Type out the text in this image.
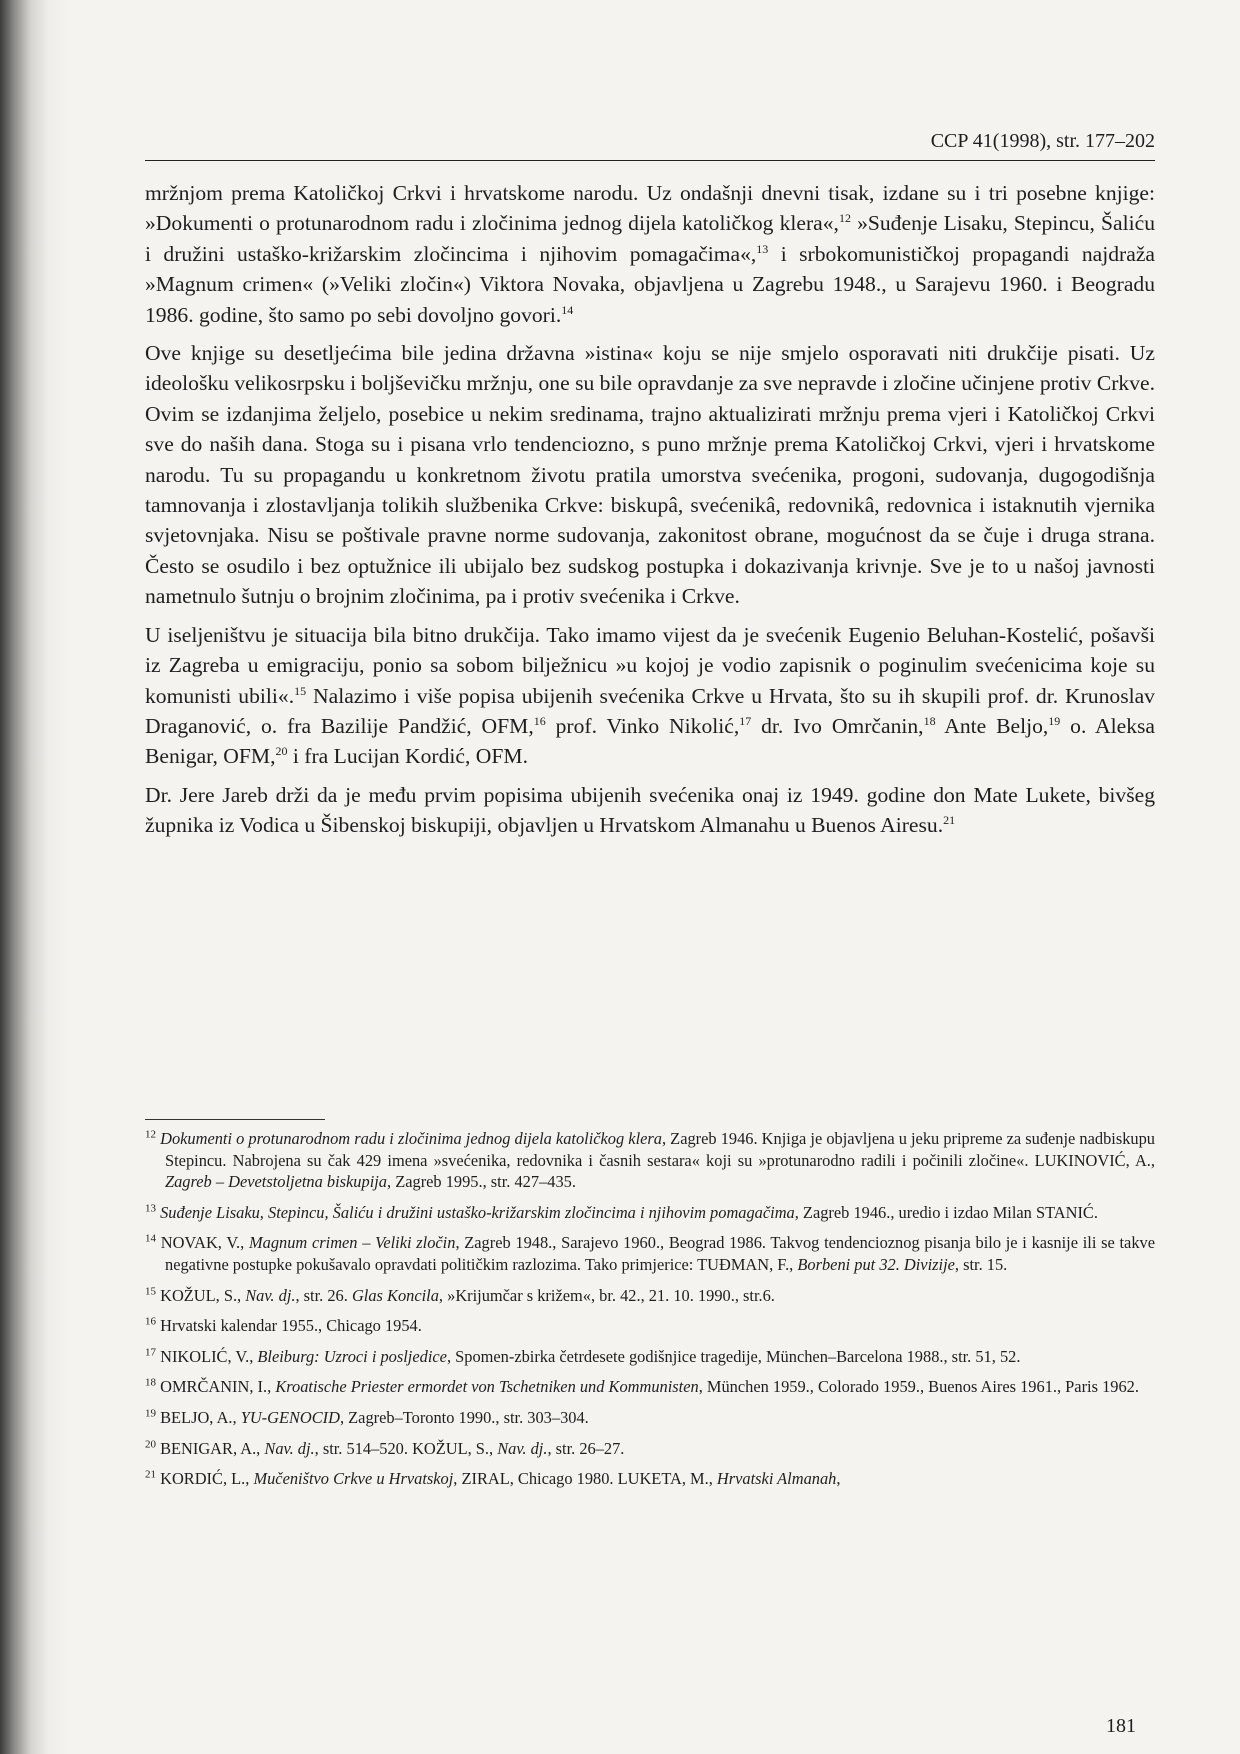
CCP 41(1998), str. 177–202

mržnjom prema Katoličkoj Crkvi i hrvatskome narodu. Uz ondašnji dnevni tisak, izdane su i tri posebne knjige: »Dokumenti o protunarodnom radu i zločinima jednog dijela katoličkog klera«,$^{12}$ »Suđenje Lisaku, Stepincu, Šaliću i družini ustaško-križarskim zločincima i njihovim pomagačima«,$^{13}$ i srbokomunističkoj propagandi najdraža »Magnum crimen« (»Veliki zločin«) Viktora Novaka, objavljena u Zagrebu 1948., u Sarajevu 1960. i Beogradu 1986. godine, što samo po sebi dovoljno govori.$^{14}$

Ove knjige su desetljećima bile jedina državna »istina« koju se nije smjelo osporavati niti drukčije pisati. Uz ideološku velikosrpsku i boljševičku mržnju, one su bile opravdanje za sve nepravde i zločine učinjene protiv Crkve. Ovim se izdanjima željelo, posebice u nekim sredinama, trajno aktualizirati mržnju prema vjeri i Katoličkoj Crkvi sve do naših dana. Stoga su i pisana vrlo tendenciozno, s puno mržnje prema Katoličkoj Crkvi, vjeri i hrvatskome narodu. Tu su propagandu u konkretnom životu pratila umorstva svećenika, progoni, sudovanja, dugogodišnja tamnovanja i zlostavljanja tolikih službenika Crkve: biskupâ, svećenikâ, redovnikâ, redovnica i istaknutih vjernika svjetovnjaka. Nisu se poštivale pravne norme sudovanja, zakonitost obrane, mogućnost da se čuje i druga strana. Često se osudilo i bez optužnice ili ubijalo bez sudskog postupka i dokazivanja krivnje. Sve je to u našoj javnosti nametnulo šutnju o brojnim zločinima, pa i protiv svećenika i Crkve.

U iseljeništvu je situacija bila bitno drukčija. Tako imamo vijest da je svećenik Eugenio Beluhan-Kostelić, pošavši iz Zagreba u emigraciju, ponio sa sobom bilježnicu »u kojoj je vodio zapisnik o poginulim svećenicima koje su komunisti ubili«.$^{15}$ Nalazimo i više popisa ubijenih svećenika Crkve u Hrvata, što su ih skupili prof. dr. Krunoslav Draganović, o. fra Bazilije Pandžić, OFM,$^{16}$ prof. Vinko Nikolić,$^{17}$ dr. Ivo Omrčanin,$^{18}$ Ante Beljo,$^{19}$ o. Aleksa Benigar, OFM,$^{20}$ i fra Lucijan Kordić, OFM.

Dr. Jere Jareb drži da je među prvim popisima ubijenih svećenika onaj iz 1949. godine don Mate Lukete, bivšeg župnika iz Vodica u Šibenskoj biskupiji, objavljen u Hrvatskom Almanahu u Buenos Airesu.$^{21}$

$^{12}$ Dokumenti o protunarodnom radu i zločinima jednog dijela katoličkog klera, Zagreb 1946. Knjiga je objavljena u jeku pripreme za suđenje nadbiskupu Stepincu. Nabrojena su čak 429 imena »svećenika, redovnika i časnih sestara« koji su »protunarodno radili i počinili zločine«. LUKINOVIĆ, A., Zagreb – Devetstoljetna biskupija, Zagreb 1995., str. 427–435.
$^{13}$ Suđenje Lisaku, Stepincu, Šaliću i družini ustaško-križarskim zločincima i njihovim pomagačima, Zagreb 1946., uredio i izdao Milan STANIĆ.
$^{14}$ NOVAK, V., Magnum crimen – Veliki zločin, Zagreb 1948., Sarajevo 1960., Beograd 1986. Takvog tendencioznog pisanja bilo je i kasnije ili se takve negativne postupke pokušavalo opravdati političkim razlozima. Tako primjerice: TUĐMAN, F., Borbeni put 32. Divizije, str. 15.
$^{15}$ KOŽUL, S., Nav. dj., str. 26. Glas Koncila, »Krijumčar s križem«, br. 42., 21. 10. 1990., str.6.
$^{16}$ Hrvatski kalendar 1955., Chicago 1954.
$^{17}$ NIKOLIĆ, V., Bleiburg: Uzroci i posljedice, Spomen-zbirka četrdesete godišnjice tragedije, München–Barcelona 1988., str. 51, 52.
$^{18}$ OMRČANIN, I., Kroatische Priester ermordet von Tschetniken und Kommunisten, München 1959., Colorado 1959., Buenos Aires 1961., Paris 1962.
$^{19}$ BELJO, A., YU-GENOCID, Zagreb–Toronto 1990., str. 303–304.
$^{20}$ BENIGAR, A., Nav. dj., str. 514–520. KOŽUL, S., Nav. dj., str. 26–27.
$^{21}$ KORDIĆ, L., Mučeništvo Crkve u Hrvatskoj, ZIRAL, Chicago 1980. LUKETA, M., Hrvatski Almanah,
181
